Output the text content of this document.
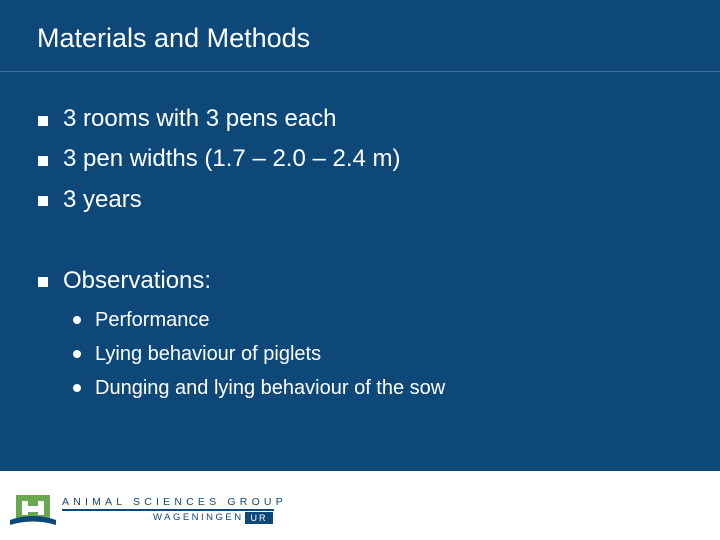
Materials and Methods
3 rooms with 3 pens each
3 pen widths (1.7 – 2.0 – 2.4 m)
3 years
Observations:
Performance
Lying behaviour of piglets
Dunging and lying behaviour of the sow
ANIMAL SCIENCES GROUP
WAGENINGEN UR
